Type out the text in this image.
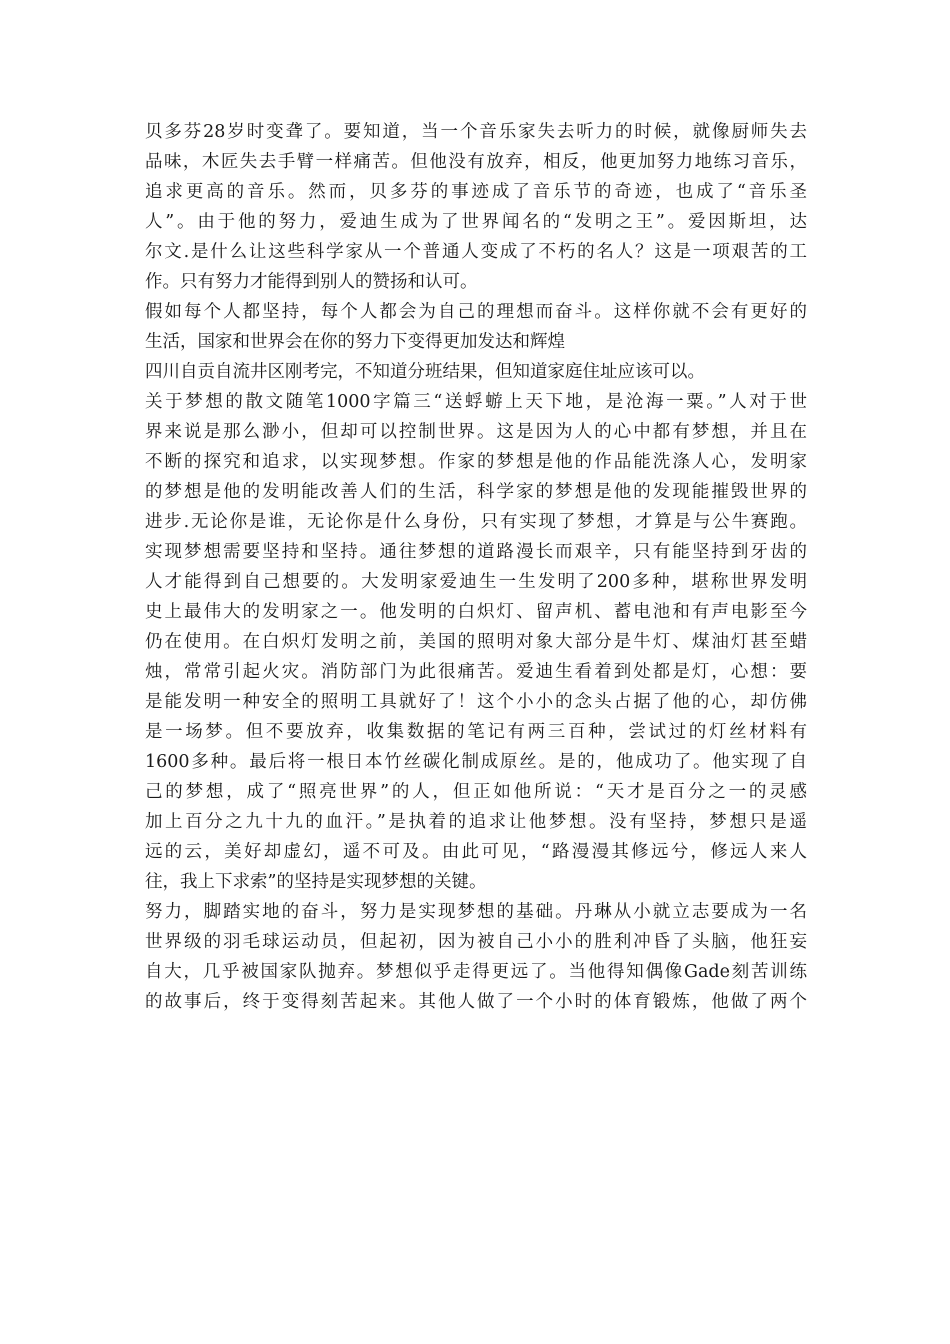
贝多芬28岁时变聋了。要知道，当一个音乐家失去听力的时候，就像厨师失去
品味，木匠失去手臂一样痛苦。但他没有放弃，相反，他更加努力地练习音乐，
追求更高的音乐。然而，贝多芬的事迹成了音乐节的奇迹，也成了“音乐圣
人”。由于他的努力，爱迪生成为了世界闻名的“发明之王”。爱因斯坦，达
尔文.是什么让这些科学家从一个普通人变成了不朽的名人？这是一项艰苦的工
作。只有努力才能得到别人的赞扬和认可。
假如每个人都坚持，每个人都会为自己的理想而奋斗。这样你就不会有更好的
生活，国家和世界会在你的努力下变得更加发达和辉煌
四川自贡自流井区刚考完，不知道分班结果，但知道家庭住址应该可以。
关于梦想的散文随笔1000字篇三“送蜉蝣上天下地，是沧海一粟。”人对于世
界来说是那么渺小，但却可以控制世界。这是因为人的心中都有梦想，并且在
不断的探究和追求，以实现梦想。作家的梦想是他的作品能洗涤人心，发明家
的梦想是他的发明能改善人们的生活，科学家的梦想是他的发现能摧毁世界的
进步.无论你是谁，无论你是什么身份，只有实现了梦想，才算是与公牛赛跑。
实现梦想需要坚持和坚持。通往梦想的道路漫长而艰辛，只有能坚持到牙齿的
人才能得到自己想要的。大发明家爱迪生一生发明了200多种，堪称世界发明
史上最伟大的发明家之一。他发明的白炽灯、留声机、蓄电池和有声电影至今
仍在使用。在白炽灯发明之前，美国的照明对象大部分是牛灯、煤油灯甚至蜡
烛，常常引起火灾。消防部门为此很痛苦。爱迪生看着到处都是灯，心想：要
是能发明一种安全的照明工具就好了！这个小小的念头占据了他的心，却仿佛
是一场梦。但不要放弃，收集数据的笔记有两三百种，尝试过的灯丝材料有
1600多种。最后将一根日本竹丝碳化制成原丝。是的，他成功了。他实现了自
己的梦想，成了“照亮世界”的人，但正如他所说：“天才是百分之一的灵感
加上百分之九十九的血汗。”是执着的追求让他梦想。没有坚持，梦想只是遥
远的云，美好却虚幻，遥不可及。由此可见，“路漫漫其修远兮，修远人来人
往，我上下求索”的坚持是实现梦想的关键。
努力，脚踏实地的奋斗，努力是实现梦想的基础。丹琳从小就立志要成为一名
世界级的羽毛球运动员，但起初，因为被自己小小的胜利冲昏了头脑，他狂妄
自大，几乎被国家队抛弃。梦想似乎走得更远了。当他得知偶像Gade刻苦训练
的故事后，终于变得刻苦起来。其他人做了一个小时的体育锻炼，他做了两个
